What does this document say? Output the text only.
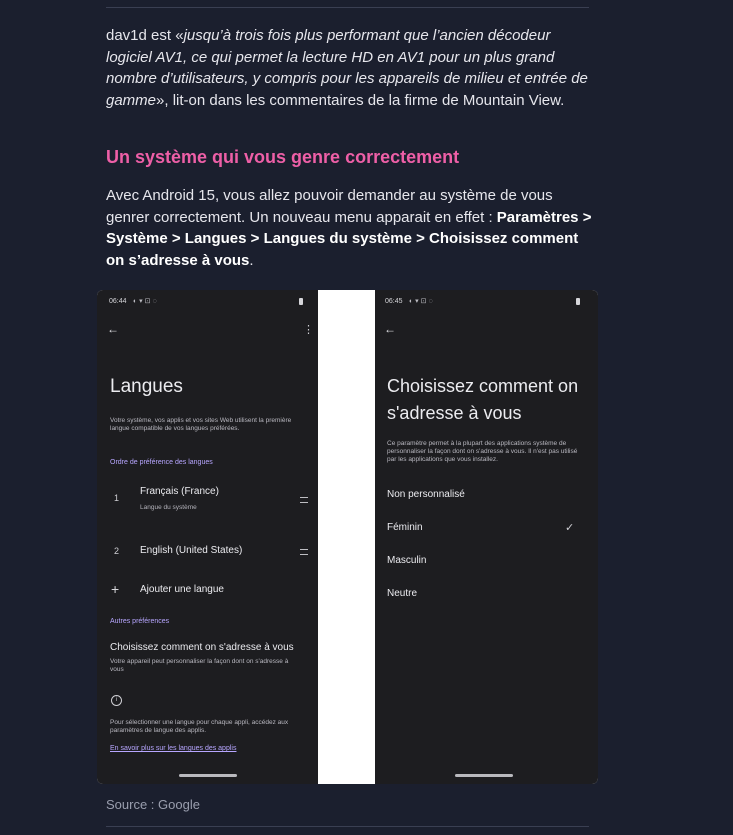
dav1d est «jusqu’à trois fois plus performant que l’ancien décodeur logiciel AV1, ce qui permet la lecture HD en AV1 pour un plus grand nombre d’utilisateurs, y compris pour les appareils de milieu et entrée de gamme», lit-on dans les commentaires de la firme de Mountain View.

Un système qui vous genre correctement

Avec Android 15, vous allez pouvoir demander au système de vous genrer correctement. Un nouveau menu apparait en effet : Paramètres > Système > Langues > Langues du système > Choisissez comment on s’adresse à vous.

06:44 ◐ ▾ ⊡ ◌
←	⋮
Langues
Votre système, vos applis et vos sites Web utilisent la première langue compatible de vos langues préférées.
Ordre de préférence des langues
1
Français (France)
Langue du système
2 English (United States)
+ Ajouter une langue
Autres préférences
Choisissez comment on s'adresse à vous
Votre appareil peut personnaliser la façon dont on s'adresse à vous
i
Pour sélectionner une langue pour chaque appli, accédez aux paramètres de langue des applis.
En savoir plus sur les langues des applis
06:45 ◐ ▾ ⊡ ◌
←
Choisissez comment on s'adresse à vous
Ce paramètre permet à la plupart des applications système de personnaliser la façon dont on s'adresse à vous. Il n'est pas utilisé par les applications que vous installez.
Non personnalisé
Féminin	✓
Masculin
Neutre
Source : Google
